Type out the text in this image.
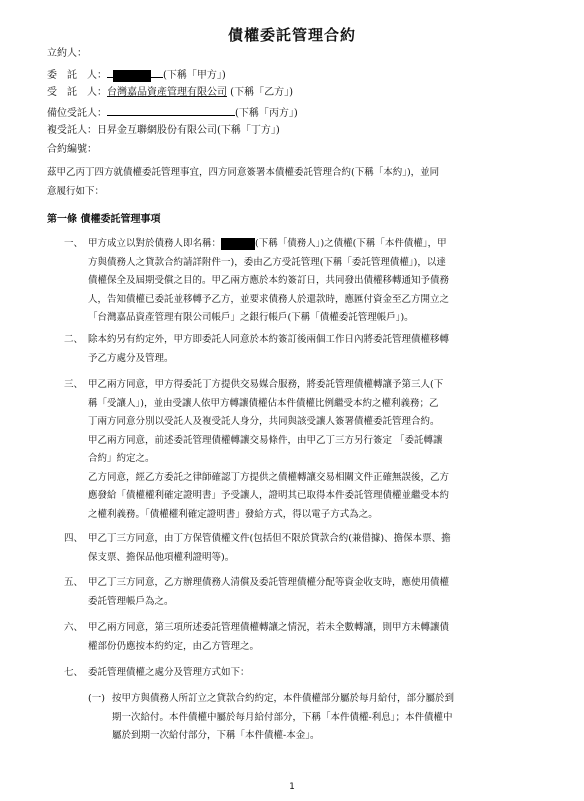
債權委託管理合約
立約人：
委　託　人：	(下稱「甲方」)
受　託　人：台灣嘉品資產管理有限公司 (下稱「乙方」)
備位受託人：	(下稱「丙方」)
複受託人：日昇金互聯網股份有限公司(下稱「丁方」)
合約編號：
茲甲乙丙丁四方就債權委託管理事宜，四方同意簽署本債權委託管理合約(下稱「本約」)，並同
意履行如下：
第一條 債權委託管理事項
一、 甲方成立以對於債務人即名稱：	(下稱「債務人」)之債權(下稱「本件債權」，甲
方與債務人之貸款合約請詳附件一)，委由乙方受託管理(下稱「委託管理債權」)，以達
債權保全及屆期受償之目的。甲乙兩方應於本約簽訂日，共同發出債權移轉通知予債務
人，告知債權已委託並移轉予乙方，並要求債務人於還款時，應匯付資金至乙方開立之
「台灣嘉品資產管理有限公司帳戶」之銀行帳戶(下稱「債權委託管理帳戶」)。
二、 除本約另有約定外，甲方即委託人同意於本約簽訂後兩個工作日內將委託管理債權移轉
予乙方處分及管理。
三、 甲乙兩方同意，甲方得委託丁方提供交易媒合服務，將委託管理債權轉讓予第三人(下
稱「受讓人」)，並由受讓人依甲方轉讓債權佔本件債權比例繼受本約之權利義務；乙
丁兩方同意分別以受託人及複受託人身分，共同與該受讓人簽署債權委託管理合約。
甲乙兩方同意，前述委託管理債權轉讓交易條件，由甲乙丁三方另行簽定 「委託轉讓
合約」約定之。
乙方同意，經乙方委託之律師確認丁方提供之債權轉讓交易相關文件正確無誤後，乙方
應發給「債權權利確定證明書」予受讓人，證明其已取得本件委託管理債權並繼受本約
之權利義務。「債權權利確定證明書」發給方式，得以電子方式為之。
四、 甲乙丁三方同意，由丁方保管債權文件(包括但不限於貸款合約(兼借據)、擔保本票、擔
保支票、擔保品他項權利證明等)。
五、 甲乙丁三方同意，乙方辦理債務人清償及委託管理債權分配等資金收支時，應使用債權
委託管理帳戶為之。
六、 甲乙兩方同意，第三項所述委託管理債權轉讓之情況，若未全數轉讓，則甲方未轉讓債
權部份仍應按本約約定，由乙方管理之。
七、 委託管理債權之處分及管理方式如下：
(一) 按甲方與債務人所訂立之貸款合約約定，本件債權部分屬於每月給付，部分屬於到
期一次給付。本件債權中屬於每月給付部分，下稱「本件債權-利息」；本件債權中
屬於到期一次給付部分，下稱「本件債權-本金」。
1
